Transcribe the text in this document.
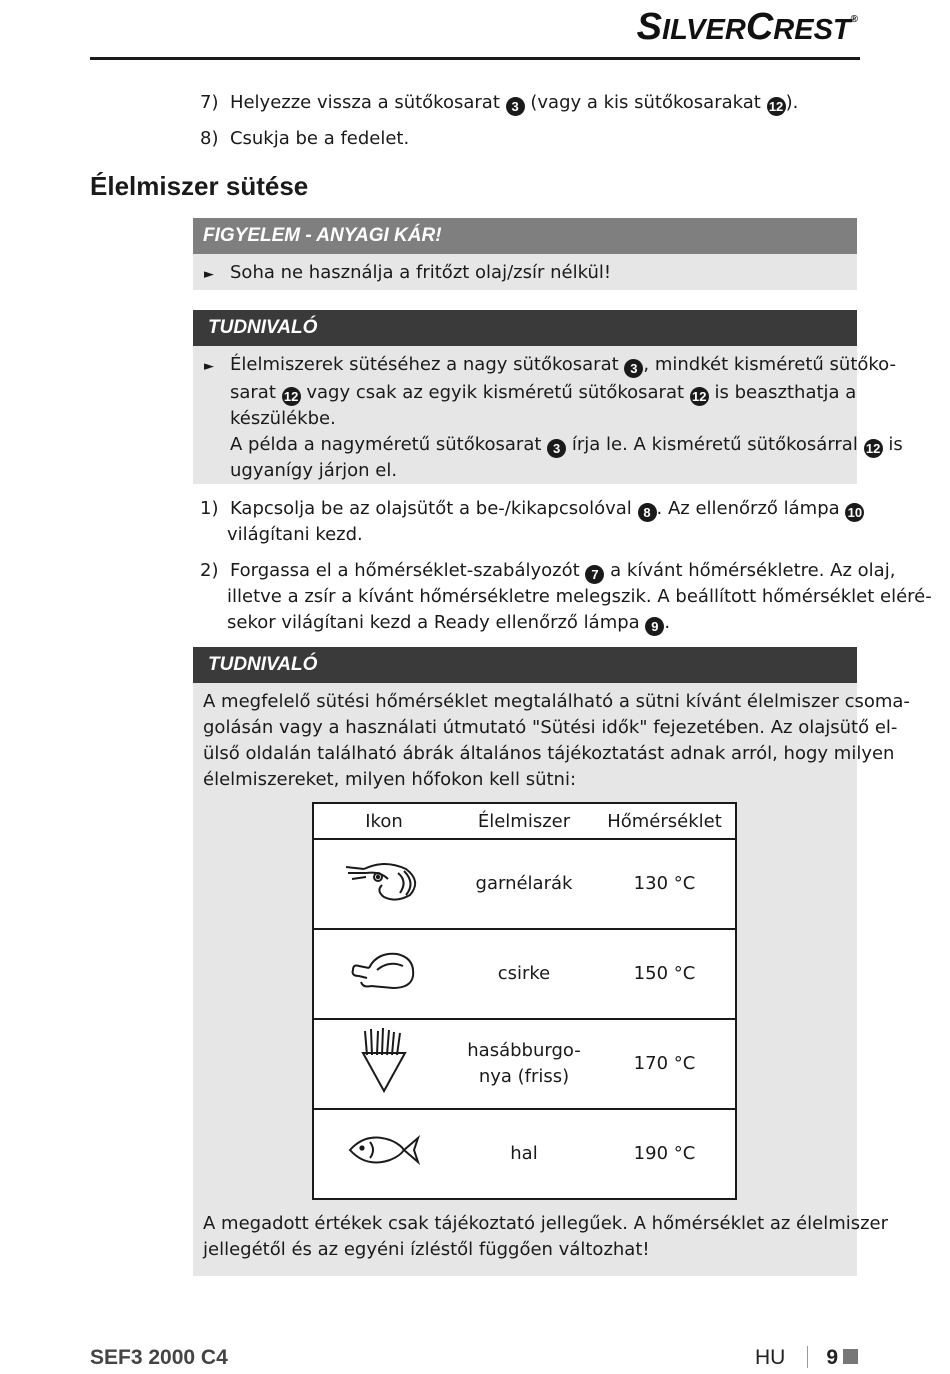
SILVERCREST®
7) Helyezze vissza a sütőkosarat 3 (vagy a kis sütőkosarakat 12 ).
8) Csukja be a fedelet.
Élelmiszer sütése
FIGYELEM - ANYAGI KÁR!
► Soha ne használja a fritőzt olaj/zsír nélkül!
TUDNIVALÓ
► Élelmiszerek sütéséhez a nagy sütőkosarat 3 , mindkét kisméretű sütőko-
sarat 12 vagy csak az egyik kisméretű sütőkosarat 12 is beaszthatja a
készülékbe.
A példa a nagyméretű sütőkosarat 3 írja le. A kisméretű sütőkosárral 12 is
ugyanígy járjon el.
1) Kapcsolja be az olajsütőt a be-/kikapcsolóval 8 . Az ellenőrző lámpa 10
világítani kezd.
2) Forgassa el a hőmérséklet-szabályozót 7 a kívánt hőmérsékletre. Az olaj,
illetve a zsír a kívánt hőmérsékletre melegszik. A beállított hőmérséklet eléré-
sekor világítani kezd a Ready ellenőrző lámpa 9 .
TUDNIVALÓ
A megfelelő sütési hőmérséklet megtalálható a sütni kívánt élelmiszer csoma-
golásán vagy a használati útmutató "Sütési idők" fejezetében. Az olajsütő el-
ülső oldalán található ábrák általános tájékoztatást adnak arról, hogy milyen
élelmiszereket, milyen hőfokon kell sütni:
Ikon	Élelmiszer	Hőmérséklet
	garnélarák	130 °C
	csirke	150 °C
	hasábburgo-
nya (friss)	170 °C
	hal	190 °C
A megadott értékek csak tájékoztató jellegűek. A hőmérséklet az élelmiszer
jellegétől és az egyéni ízléstől függően változhat!
SEF3 2000 C4	HU 9
